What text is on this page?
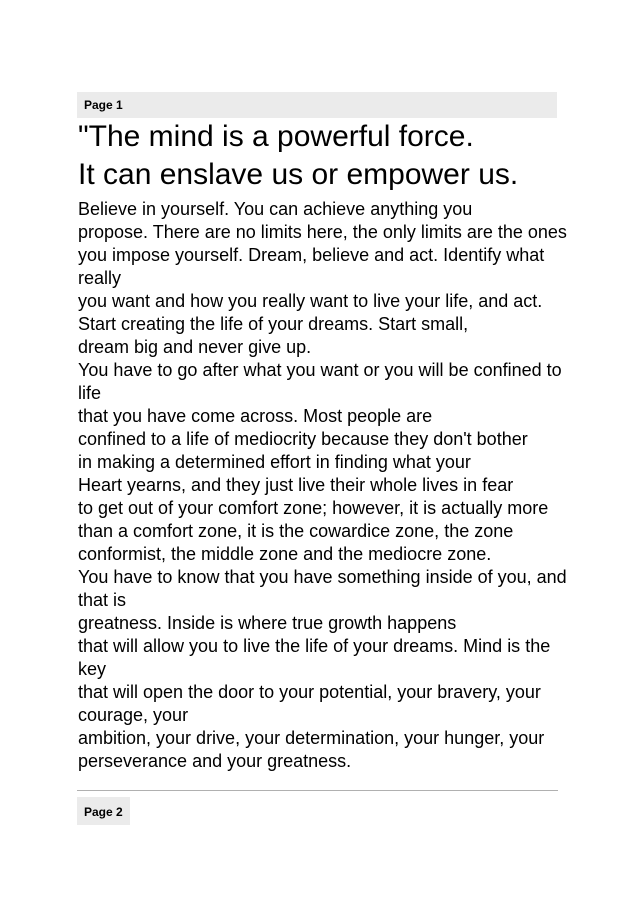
Page 1
"The mind is a powerful force.
It can enslave us or empower us.
Believe in yourself. You can achieve anything you
propose. There are no limits here, the only limits are the ones
you impose yourself. Dream, believe and act. Identify what
really
you want and how you really want to live your life, and act.
Start creating the life of your dreams. Start small,
dream big and never give up.
You have to go after what you want or you will be confined to
life
that you have come across. Most people are
confined to a life of mediocrity because they don't bother
in making a determined effort in finding what your
Heart yearns, and they just live their whole lives in fear
to get out of your comfort zone; however, it is actually more
than a comfort zone, it is the cowardice zone, the zone
conformist, the middle zone and the mediocre zone.
You have to know that you have something inside of you, and
that is
greatness. Inside is where true growth happens
that will allow you to live the life of your dreams. Mind is the
key
that will open the door to your potential, your bravery, your
courage, your
ambition, your drive, your determination, your hunger, your
perseverance and your greatness.
Page 2
